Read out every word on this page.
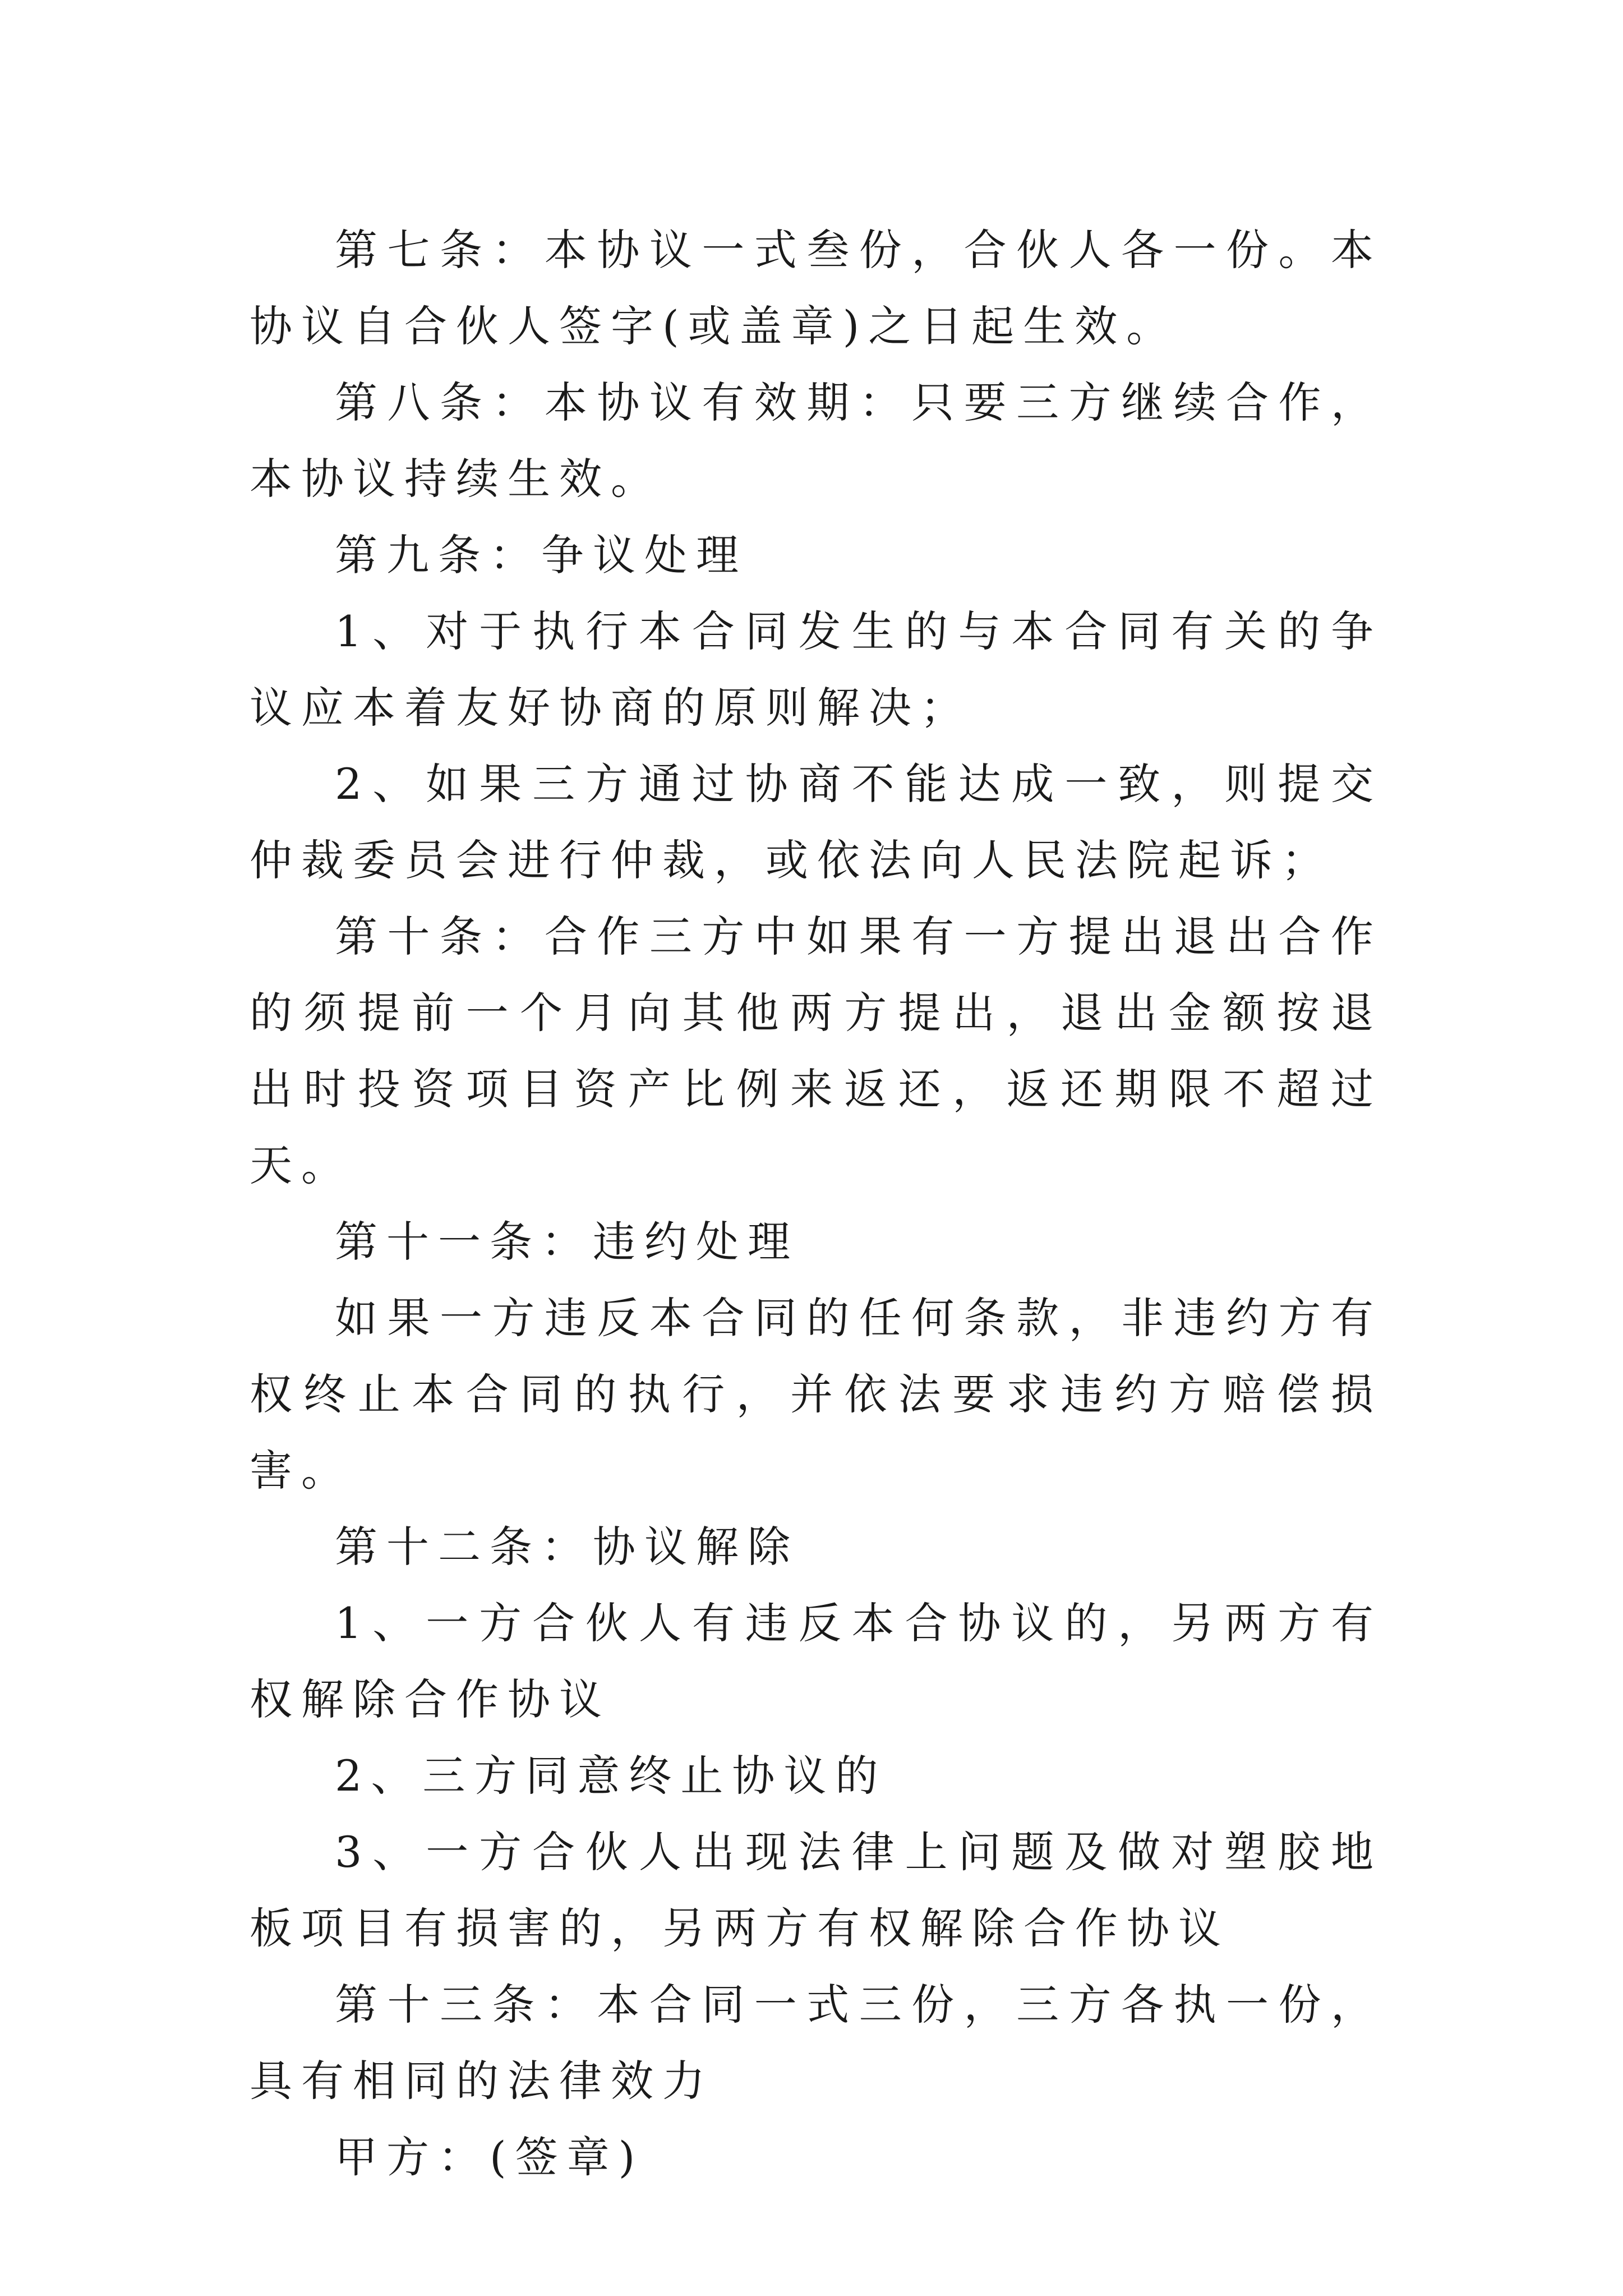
第七条：本协议一式叁份，合伙人各一份。本协议自合伙人签字(或盖章)之日起生效。

第八条：本协议有效期：只要三方继续合作，本协议持续生效。

第九条：争议处理

1、对于执行本合同发生的与本合同有关的争议应本着友好协商的原则解决；

2、如果三方通过协商不能达成一致，则提交仲裁委员会进行仲裁，或依法向人民法院起诉；

第十条：合作三方中如果有一方提出退出合作的须提前一个月向其他两方提出，退出金额按退出时投资项目资产比例来返还，返还期限不超过天。

第十一条：违约处理

如果一方违反本合同的任何条款，非违约方有权终止本合同的执行，并依法要求违约方赔偿损害。

第十二条：协议解除

1、一方合伙人有违反本合协议的，另两方有权解除合作协议

2、三方同意终止协议的

3、一方合伙人出现法律上问题及做对塑胶地板项目有损害的，另两方有权解除合作协议

第十三条：本合同一式三份，三方各执一份，具有相同的法律效力

甲方：(签章)
